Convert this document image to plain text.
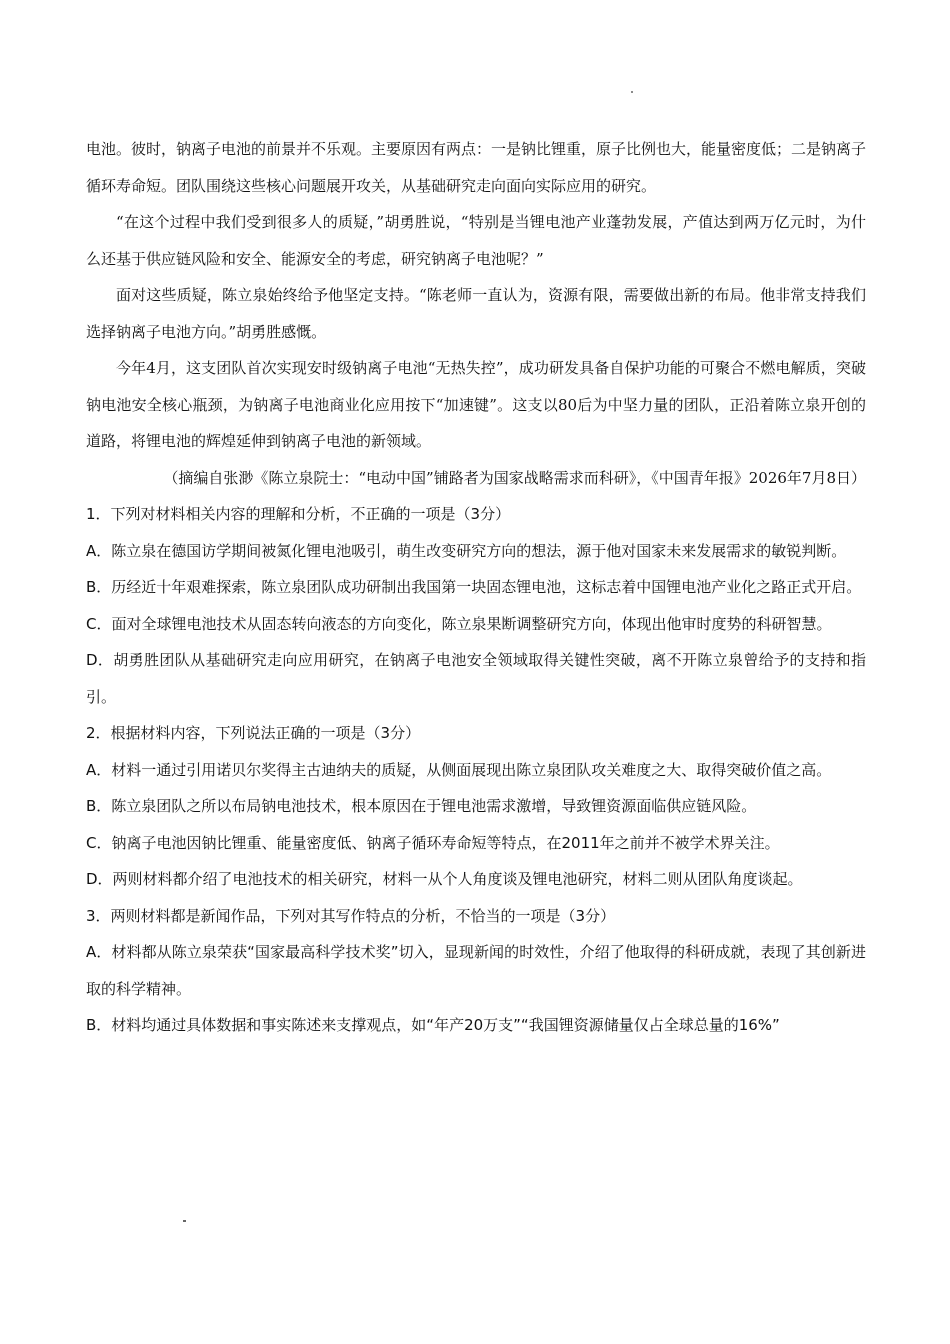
电池。彼时，钠离子电池的前景并不乐观。主要原因有两点：一是钠比锂重，原子比例也大，能量密度低；二是钠离子循环寿命短。团队围绕这些核心问题展开攻关，从基础研究走向面向实际应用的研究。

“在这个过程中我们受到很多人的质疑，”胡勇胜说，“特别是当锂电池产业蓬勃发展，产值达到两万亿元时，为什么还基于供应链风险和安全、能源安全的考虑，研究钠离子电池呢？”

面对这些质疑，陈立泉始终给予他坚定支持。“陈老师一直认为，资源有限，需要做出新的布局。他非常支持我们选择钠离子电池方向。”胡勇胜感慨。

今年4月，这支团队首次实现安时级钠离子电池“无热失控”，成功研发具备自保护功能的可聚合不燃电解质，突破钠电池安全核心瓶颈，为钠离子电池商业化应用按下“加速键”。这支以80后为中坚力量的团队，正沿着陈立泉开创的道路，将锂电池的辉煌延伸到钠离子电池的新领域。

（摘编自张渺《陈立泉院士：“电动中国”铺路者为国家战略需求而科研》，《中国青年报》2026年7月8日）

1．下列对材料相关内容的理解和分析，不正确的一项是（3分）

A．陈立泉在德国访学期间被氮化锂电池吸引，萌生改变研究方向的想法，源于他对国家未来发展需求的敏锐判断。

B．历经近十年艰难探索，陈立泉团队成功研制出我国第一块固态锂电池，这标志着中国锂电池产业化之路正式开启。

C．面对全球锂电池技术从固态转向液态的方向变化，陈立泉果断调整研究方向，体现出他审时度势的科研智慧。

D．胡勇胜团队从基础研究走向应用研究，在钠离子电池安全领域取得关键性突破，离不开陈立泉曾给予的支持和指引。

2．根据材料内容，下列说法正确的一项是（3分）

A．材料一通过引用诺贝尔奖得主古迪纳夫的质疑，从侧面展现出陈立泉团队攻关难度之大、取得突破价值之高。

B．陈立泉团队之所以布局钠电池技术，根本原因在于锂电池需求激增，导致锂资源面临供应链风险。

C．钠离子电池因钠比锂重、能量密度低、钠离子循环寿命短等特点，在2011年之前并不被学术界关注。

D．两则材料都介绍了电池技术的相关研究，材料一从个人角度谈及锂电池研究，材料二则从团队角度谈起。

3．两则材料都是新闻作品，下列对其写作特点的分析，不恰当的一项是（3分）

A．材料都从陈立泉荣获“国家最高科学技术奖”切入，显现新闻的时效性，介绍了他取得的科研成就，表现了其创新进取的科学精神。

B．材料均通过具体数据和事实陈述来支撑观点，如“年产20万支”“我国锂资源储量仅占全球总量的16%”
